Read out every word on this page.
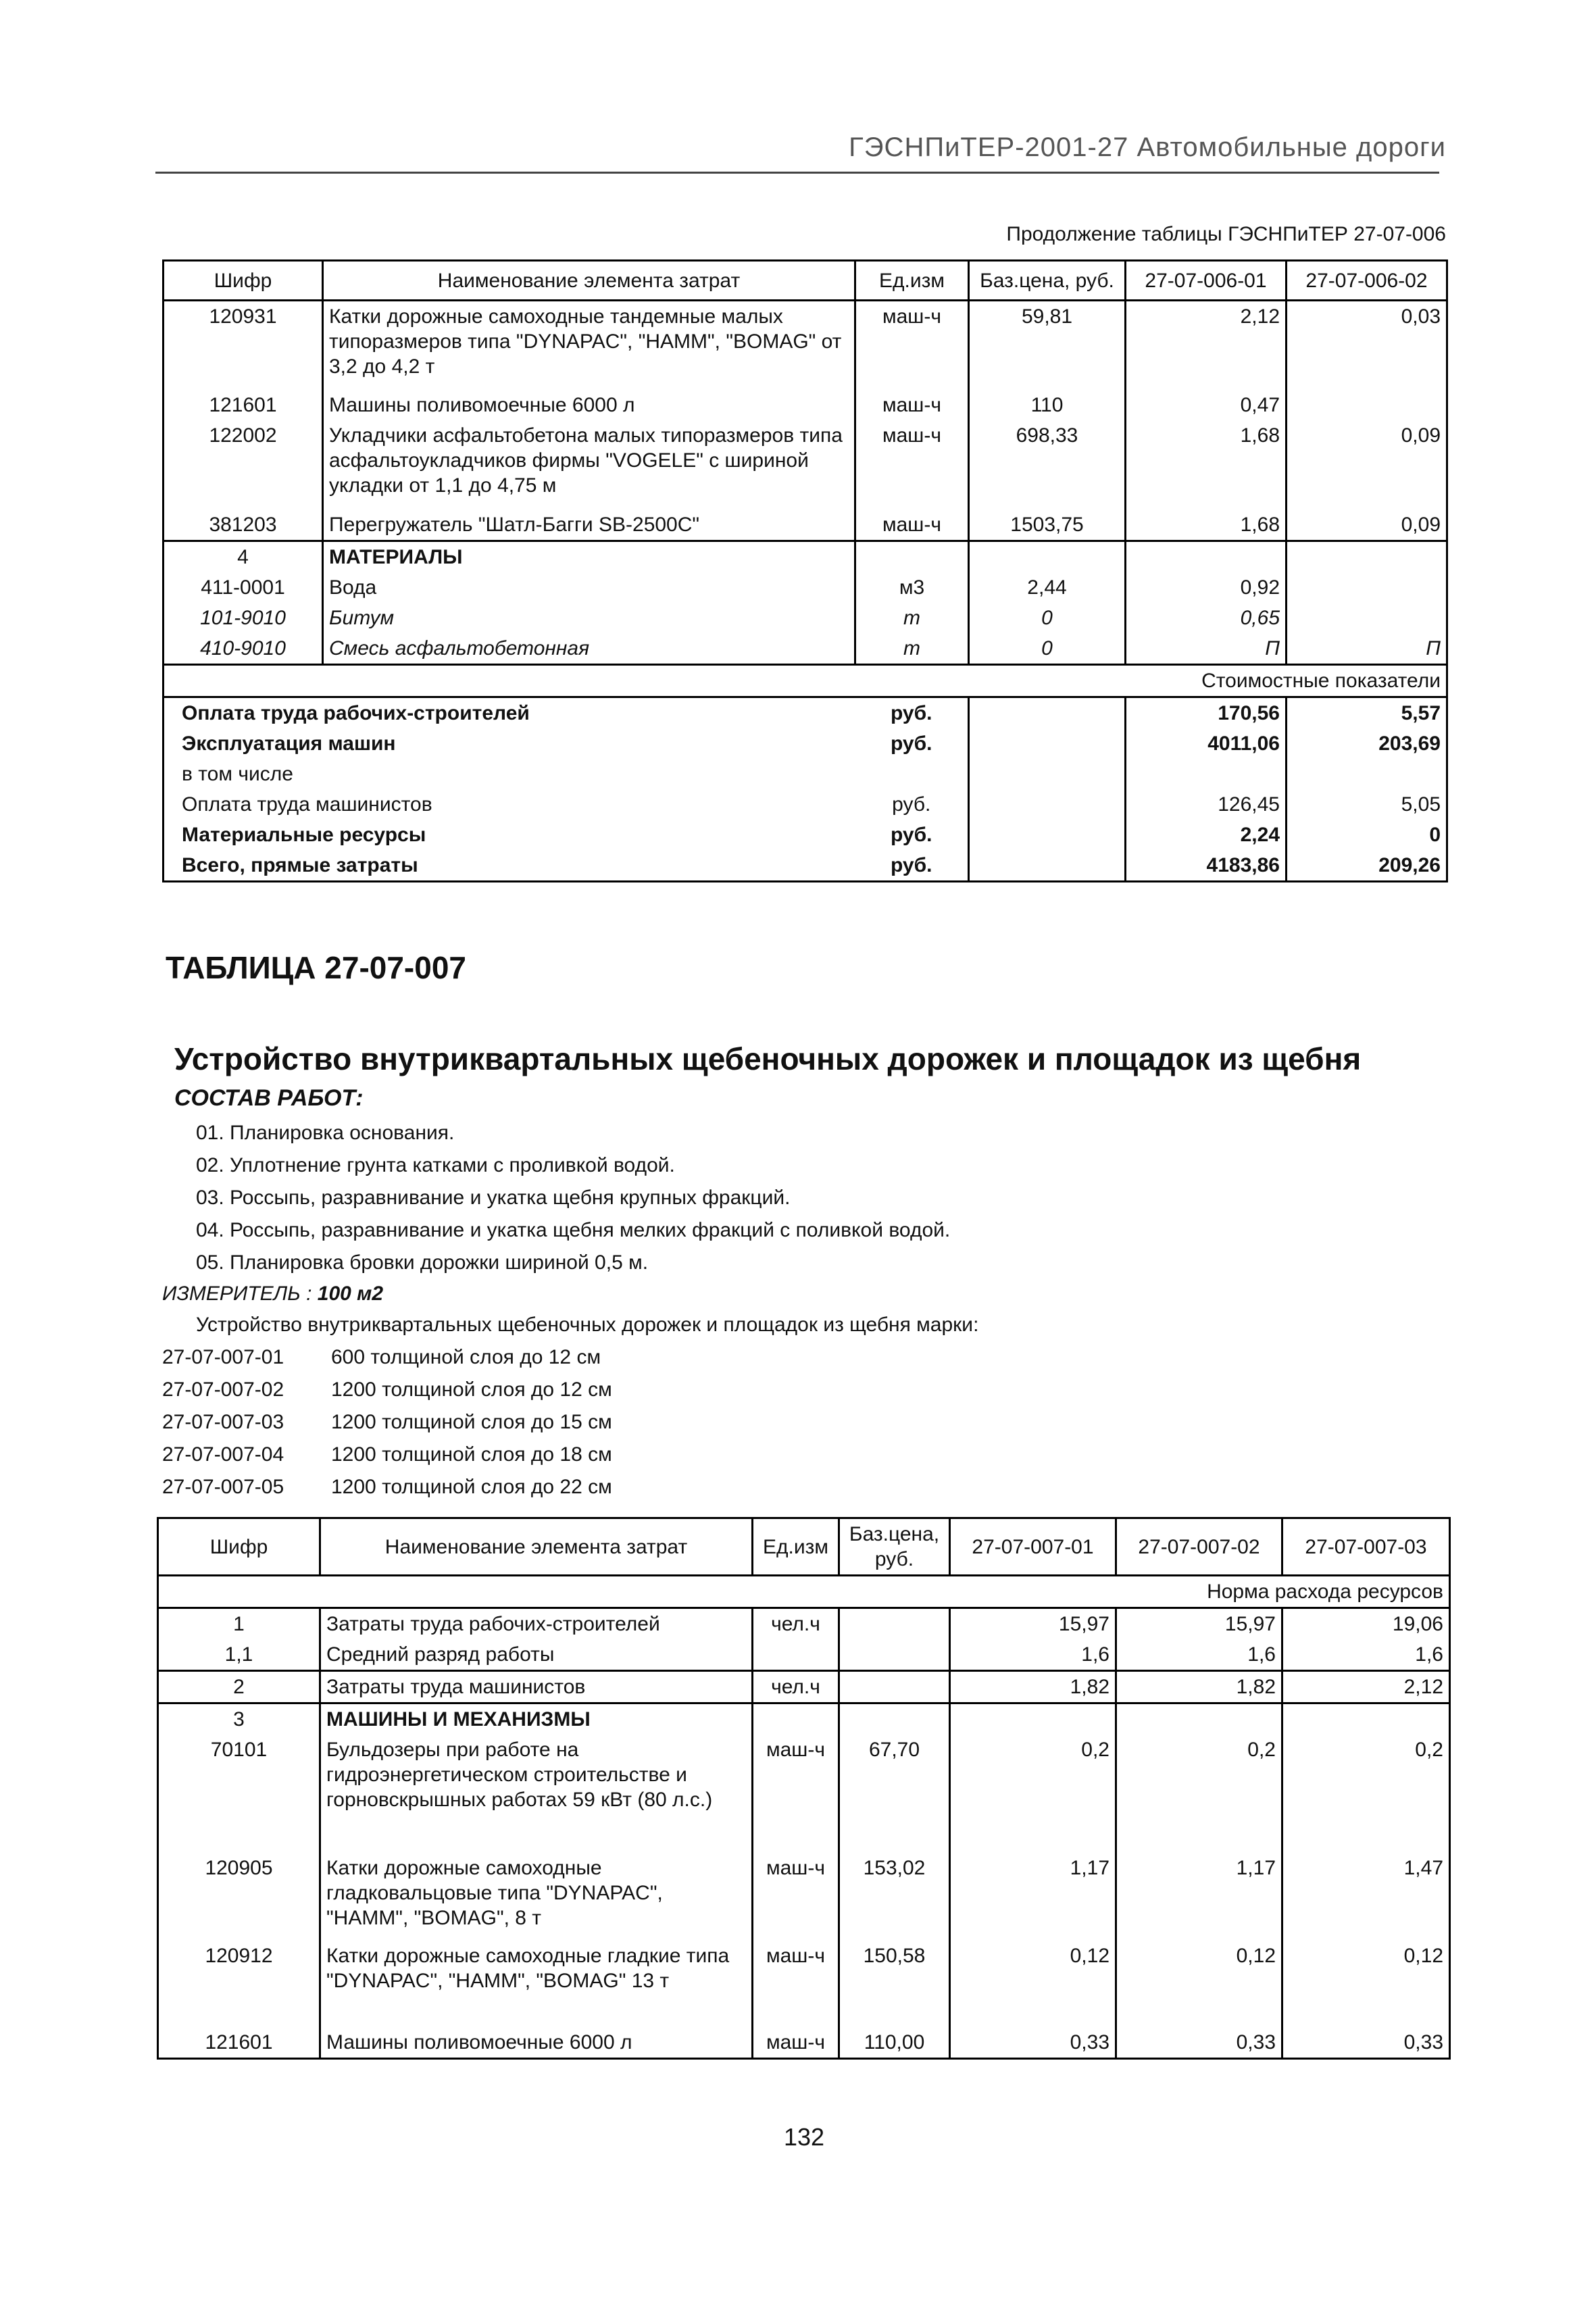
ГЭСНПиТЕР-2001-27 Автомобильные дороги
Продолжение таблицы ГЭСНПиТЕР 27-07-006
Шифр	Наименование элемента затрат	Ед.изм	Баз.цена, руб.	27-07-006-01	27-07-006-02
120931	Катки дорожные самоходные тандемные малых типоразмеров типа "DYNAPAC", "HAMM", "BOMAG" от 3,2 до 4,2 т	маш-ч	59,81	2,12	0,03
121601	Машины поливомоечные 6000 л	маш-ч	110	0,47	
122002	Укладчики асфальтобетона малых типоразмеров типа асфальтоукладчиков фирмы "VOGELE" с шириной укладки от 1,1 до 4,75 м	маш-ч	698,33	1,68	0,09
381203	Перегружатель "Шатл-Багги SB-2500C"	маш-ч	1503,75	1,68	0,09
4	МАТЕРИАЛЫ				
411-0001	Вода	м3	2,44	0,92	
101-9010	Битум	т	0	0,65	
410-9010	Смесь асфальтобетонная	т	0	П	П
Стоимостные показатели					
Оплата труда рабочих-строителей		руб.		170,56	5,57
Эксплуатация машин		руб.		4011,06	203,69
в том числе					
Оплата труда машинистов		руб.		126,45	5,05
Материальные ресурсы		руб.		2,24	0
Всего, прямые затраты		руб.		4183,86	209,26
ТАБЛИЦА 27-07-007
Устройство внутриквартальных щебеночных дорожек и площадок из щебня
СОСТАВ РАБОТ:
01. Планировка основания.
02. Уплотнение грунта катками с проливкой водой.
03. Россыпь, разравнивание и укатка щебня крупных фракций.
04. Россыпь, разравнивание и укатка щебня мелких фракций с поливкой водой.
05. Планировка бровки дорожки шириной 0,5 м.
ИЗМЕРИТЕЛЬ : 100 м2
Устройство внутриквартальных щебеночных дорожек и площадок из щебня марки:
27-07-007-01 600 толщиной слоя до 12 см
27-07-007-02 1200 толщиной слоя до 12 см
27-07-007-03 1200 толщиной слоя до 15 см
27-07-007-04 1200 толщиной слоя до 18 см
27-07-007-05 1200 толщиной слоя до 22 см
Шифр	Наименование элемента затрат	Ед.изм	Баз.цена, руб.	27-07-007-01	27-07-007-02	27-07-007-03
Норма расхода ресурсов						
1	Затраты труда рабочих-строителей	чел.ч		15,97	15,97	19,06
1,1	Средний разряд работы			1,6	1,6	1,6
2	Затраты труда машинистов	чел.ч		1,82	1,82	2,12
3	МАШИНЫ И МЕХАНИЗМЫ					
70101	Бульдозеры при работе на гидроэнергетическом строительстве и горновскрышных работах 59 кВт (80 л.с.)	маш-ч	67,70	0,2	0,2	0,2
120905	Катки дорожные самоходные гладковальцовые типа "DYNAPAC", "HAMM", "BOMAG", 8 т	маш-ч	153,02	1,17	1,17	1,47
120912	Катки дорожные самоходные гладкие типа "DYNAPAC", "HAMM", "BOMAG" 13 т	маш-ч	150,58	0,12	0,12	0,12
121601	Машины поливомоечные 6000 л	маш-ч	110,00	0,33	0,33	0,33
132
